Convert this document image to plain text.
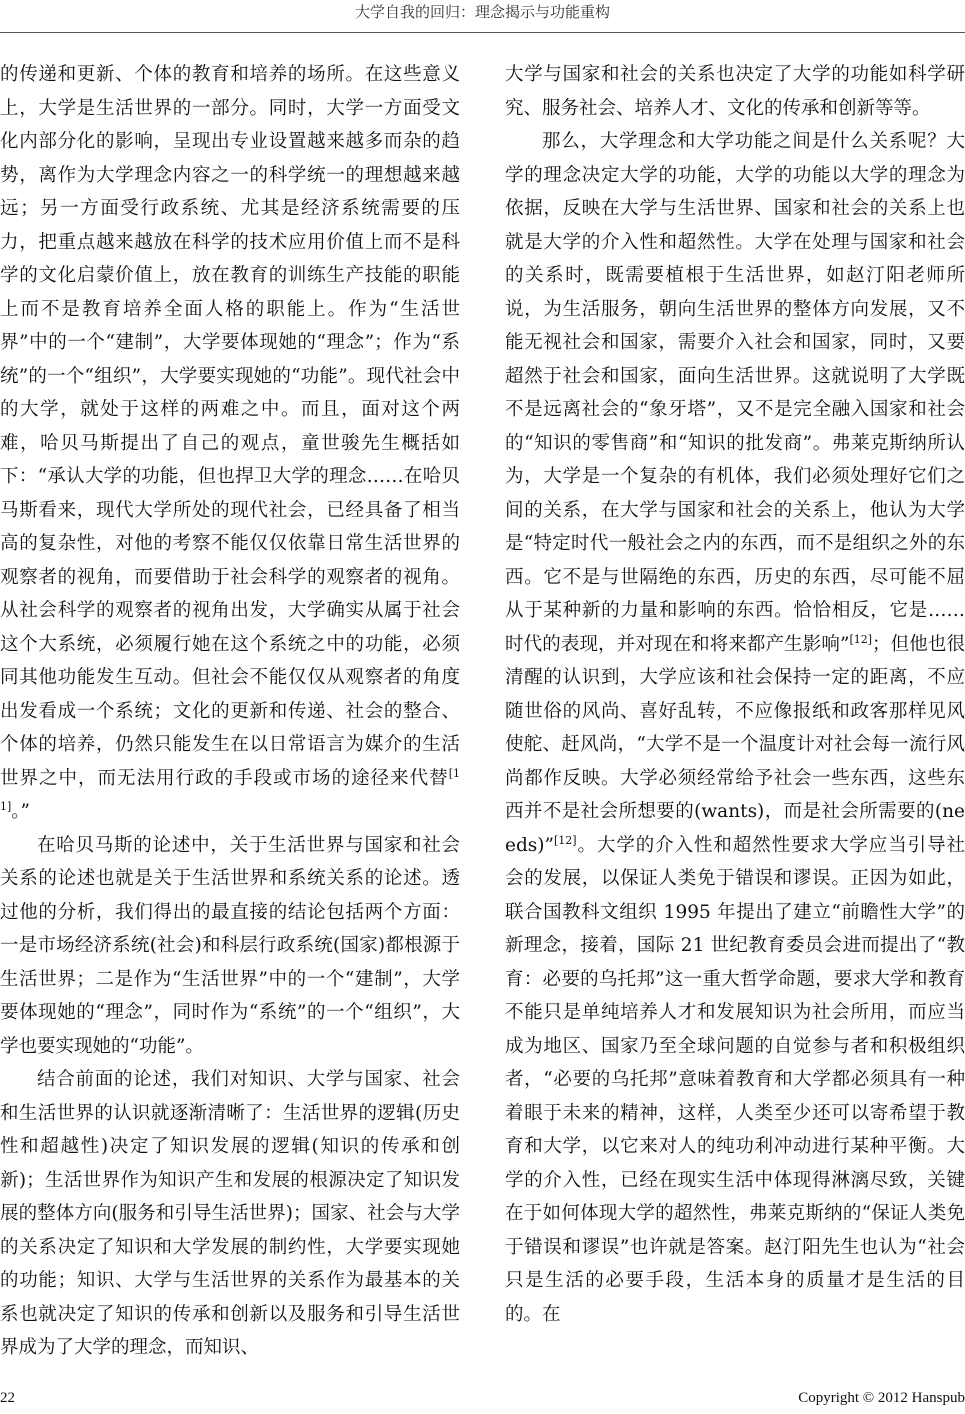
大学自我的回归：理念揭示与功能重构

的传递和更新、个体的教育和培养的场所。在这些意义上，大学是生活世界的一部分。同时，大学一方面受文化内部分化的影响，呈现出专业设置越来越多而杂的趋势，离作为大学理念内容之一的科学统一的理想越来越远；另一方面受行政系统、尤其是经济系统需要的压力，把重点越来越放在科学的技术应用价值上而不是科学的文化启蒙价值上，放在教育的训练生产技能的职能上而不是教育培养全面人格的职能上。作为“生活世界”中的一个“建制”，大学要体现她的“理念”；作为“系统”的一个“组织”，大学要实现她的“功能”。现代社会中的大学，就处于这样的两难之中。而且，面对这个两难，哈贝马斯提出了自己的观点，童世骏先生概括如下：“承认大学的功能，但也捍卫大学的理念……在哈贝马斯看来，现代大学所处的现代社会，已经具备了相当高的复杂性，对他的考察不能仅仅依靠日常生活世界的观察者的视角，而要借助于社会科学的观察者的视角。从社会科学的观察者的视角出发，大学确实从属于社会这个大系统，必须履行她在这个系统之中的功能，必须同其他功能发生互动。但社会不能仅仅从观察者的角度出发看成一个系统；文化的更新和传递、社会的整合、个体的培养，仍然只能发生在以日常语言为媒介的生活世界之中，而无法用行政的手段或市场的途径来代替[11]。”

在哈贝马斯的论述中，关于生活世界与国家和社会关系的论述也就是关于生活世界和系统关系的论述。透过他的分析，我们得出的最直接的结论包括两个方面：一是市场经济系统(社会)和科层行政系统(国家)都根源于生活世界；二是作为“生活世界”中的一个“建制”，大学要体现她的“理念”，同时作为“系统”的一个“组织”，大学也要实现她的“功能”。

结合前面的论述，我们对知识、大学与国家、社会和生活世界的认识就逐渐清晰了：生活世界的逻辑(历史性和超越性)决定了知识发展的逻辑(知识的传承和创新)；生活世界作为知识产生和发展的根源决定了知识发展的整体方向(服务和引导生活世界)；国家、社会与大学的关系决定了知识和大学发展的制约性，大学要实现她的功能；知识、大学与生活世界的关系作为最基本的关系也就决定了知识的传承和创新以及服务和引导生活世界成为了大学的理念，而知识、

大学与国家和社会的关系也决定了大学的功能如科学研究、服务社会、培养人才、文化的传承和创新等等。

那么，大学理念和大学功能之间是什么关系呢？大学的理念决定大学的功能，大学的功能以大学的理念为依据，反映在大学与生活世界、国家和社会的关系上也就是大学的介入性和超然性。大学在处理与国家和社会的关系时，既需要植根于生活世界，如赵汀阳老师所说，为生活服务，朝向生活世界的整体方向发展，又不能无视社会和国家，需要介入社会和国家，同时，又要超然于社会和国家，面向生活世界。这就说明了大学既不是远离社会的“象牙塔”，又不是完全融入国家和社会的“知识的零售商”和“知识的批发商”。弗莱克斯纳所认为，大学是一个复杂的有机体，我们必须处理好它们之间的关系，在大学与国家和社会的关系上，他认为大学是“特定时代一般社会之内的东西，而不是组织之外的东西。它不是与世隔绝的东西，历史的东西，尽可能不屈从于某种新的力量和影响的东西。恰恰相反，它是……时代的表现，并对现在和将来都产生影响”[12]；但他也很清醒的认识到，大学应该和社会保持一定的距离，不应随世俗的风尚、喜好乱转，不应像报纸和政客那样见风使舵、赶风尚，“大学不是一个温度计对社会每一流行风尚都作反映。大学必须经常给予社会一些东西，这些东西并不是社会所想要的(wants)，而是社会所需要的(needs)”[12]。大学的介入性和超然性要求大学应当引导社会的发展，以保证人类免于错误和谬误。正因为如此，联合国教科文组织 1995 年提出了建立“前瞻性大学”的新理念，接着，国际 21 世纪教育委员会进而提出了“教育：必要的乌托邦”这一重大哲学命题，要求大学和教育不能只是单纯培养人才和发展知识为社会所用，而应当成为地区、国家乃至全球问题的自觉参与者和积极组织者，“必要的乌托邦”意味着教育和大学都必须具有一种着眼于未来的精神，这样，人类至少还可以寄希望于教育和大学，以它来对人的纯功利冲动进行某种平衡。大学的介入性，已经在现实生活中体现得淋漓尽致，关键在于如何体现大学的超然性，弗莱克斯纳的“保证人类免于错误和谬误”也许就是答案。赵汀阳先生也认为“社会只是生活的必要手段，生活本身的质量才是生活的目的。在

22	Copyright © 2012 Hanspub
